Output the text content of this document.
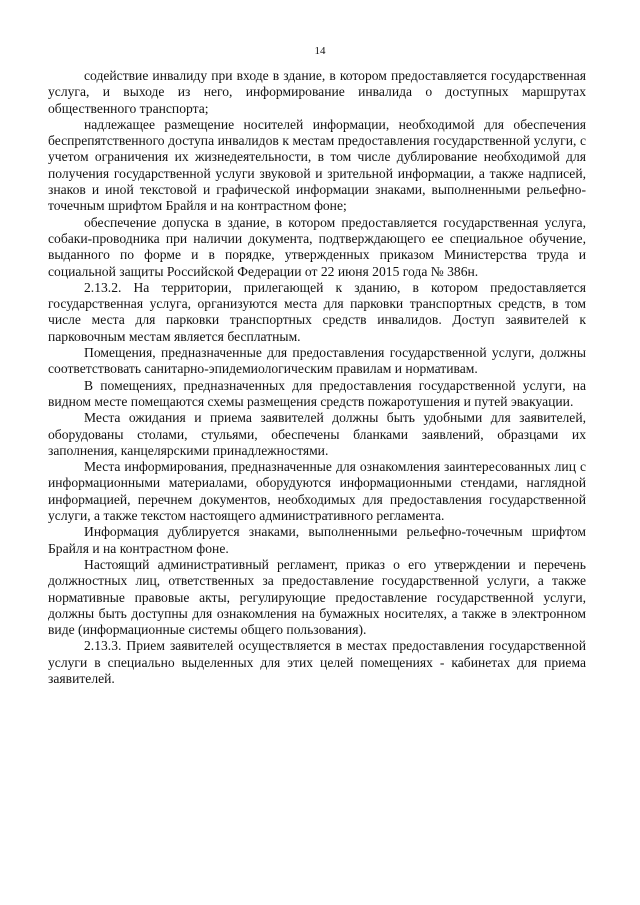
14

содействие инвалиду при входе в здание, в котором предоставляется государственная услуга, и выходе из него, информирование инвалида о доступных маршрутах общественного транспорта;

надлежащее размещение носителей информации, необходимой для обеспечения беспрепятственного доступа инвалидов к местам предоставления государственной услуги, с учетом ограничения их жизнедеятельности, в том числе дублирование необходимой для получения государственной услуги звуковой и зрительной информации, а также надписей, знаков и иной текстовой и графической информации знаками, выполненными рельефно-точечным шрифтом Брайля и на контрастном фоне;

обеспечение допуска в здание, в котором предоставляется государственная услуга, собаки-проводника при наличии документа, подтверждающего ее специальное обучение, выданного по форме и в порядке, утвержденных приказом Министерства труда и социальной защиты Российской Федерации от 22 июня 2015 года № 386н.

2.13.2. На территории, прилегающей к зданию, в котором предоставляется государственная услуга, организуются места для парковки транспортных средств, в том числе места для парковки транспортных средств инвалидов. Доступ заявителей к парковочным местам является бесплатным.

Помещения, предназначенные для предоставления государственной услуги, должны соответствовать санитарно-эпидемиологическим правилам и нормативам.

В помещениях, предназначенных для предоставления государственной услуги, на видном месте помещаются схемы размещения средств пожаротушения и путей эвакуации.

Места ожидания и приема заявителей должны быть удобными для заявителей, оборудованы столами, стульями, обеспечены бланками заявлений, образцами их заполнения, канцелярскими принадлежностями.

Места информирования, предназначенные для ознакомления заинтересованных лиц с информационными материалами, оборудуются информационными стендами, наглядной информацией, перечнем документов, необходимых для предоставления государственной услуги, а также текстом настоящего административного регламента.

Информация дублируется знаками, выполненными рельефно-точечным шрифтом Брайля и на контрастном фоне.

Настоящий административный регламент, приказ о его утверждении и перечень должностных лиц, ответственных за предоставление государственной услуги, а также нормативные правовые акты, регулирующие предоставление государственной услуги, должны быть доступны для ознакомления на бумажных носителях, а также в электронном виде (информационные системы общего пользования).

2.13.3. Прием заявителей осуществляется в местах предоставления государственной услуги в специально выделенных для этих целей помещениях - кабинетах для приема заявителей.
